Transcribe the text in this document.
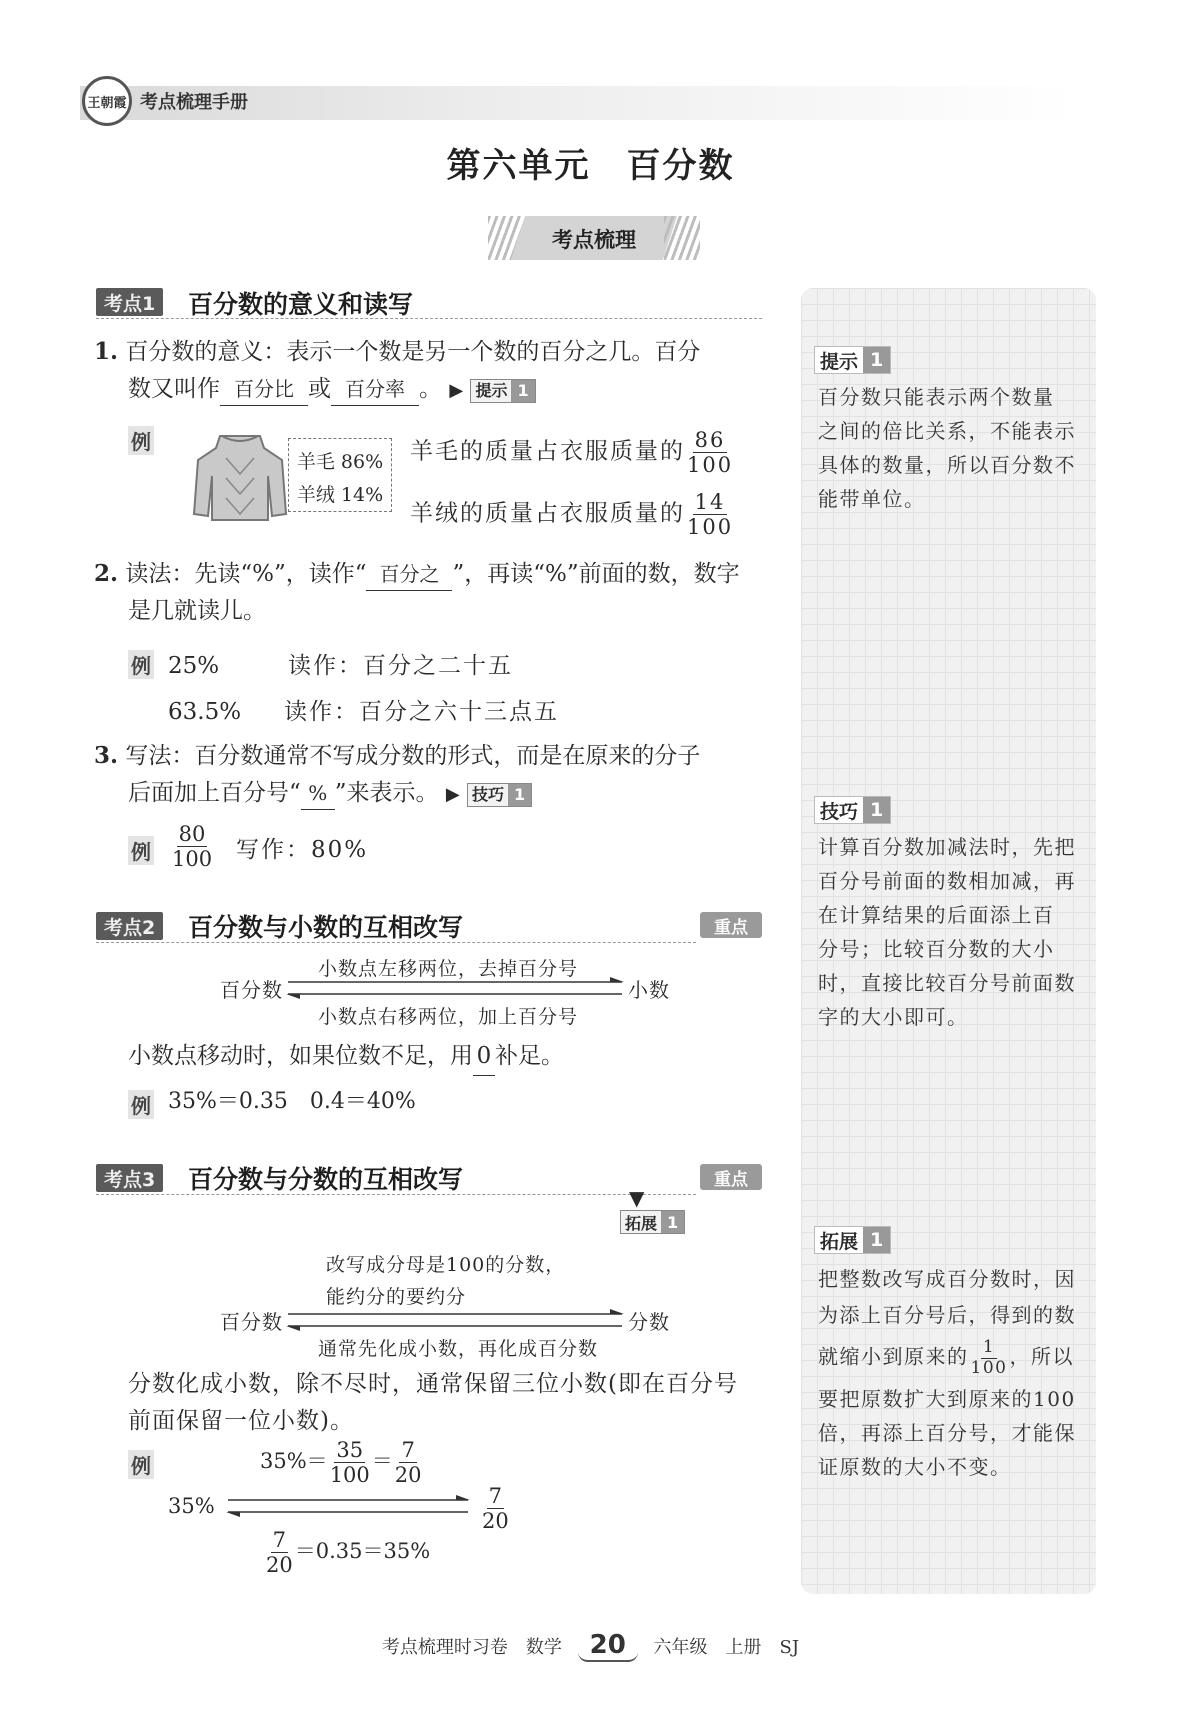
王朝霞 考点梳理手册
第六单元　百分数
考点梳理
考点1 百分数的意义和读写
1. 百分数的意义：表示一个数是另一个数的百分之几。百分
数又叫作 百分比 或 百分率 。 ▶ 提示 1
例
羊毛 86%
羊绒 14%
羊毛的质量占衣服质量的 $\frac{86}{100}$
羊绒的质量占衣服质量的 $\frac{14}{100}$
2. 读法：先读“%”，读作“ 百分之 ”，再读“%”前面的数，数字
是几就读儿。
例 25%	读作：百分之二十五
63.5% 读作：百分之六十三点五
3. 写法：百分数通常不写成分数的形式，而是在原来的分子
后面加上百分号“ % ”来表示。 ▶ 技巧 1
例 $\frac{80}{100}$ 写作：80%
考点2 百分数与小数的互相改写	重点
百分数	小数
小数点左移两位，去掉百分号
小数点右移两位，加上百分号
小数点移动时，如果位数不足，用 0 补足。
例 35%＝0.35　0.4＝40%
考点3 百分数与分数的互相改写	重点
▼
拓展 1
改写成分母是100的分数，
能约分的要约分
百分数	分数
通常先化成小数，再化成百分数
分数化成小数，除不尽时，通常保留三位小数(即在百分号
前面保留一位小数)。
例	$35\%= \frac{35}{100} = \frac{7}{20}$
35%	$\frac{7}{20}$
$\frac{7}{20} =0.35=35\%$
提示 1
百分数只能表示两个数量
之间的倍比关系，不能表示
具体的数量，所以百分数不
能带单位。
技巧 1
计算百分数加减法时，先把
百分号前面的数相加减，再
在计算结果的后面添上百
分号；比较百分数的大小
时，直接比较百分号前面数
字的大小即可。
拓展 1
把整数改写成百分数时，因
为添上百分号后，得到的数
就缩小到原来的 $\frac{1}{100}$ ，所以
要把原数扩大到原来的100
倍，再添上百分号，才能保
证原数的大小不变。
考点梳理时习卷　数学 20 六年级　上册　SJ
